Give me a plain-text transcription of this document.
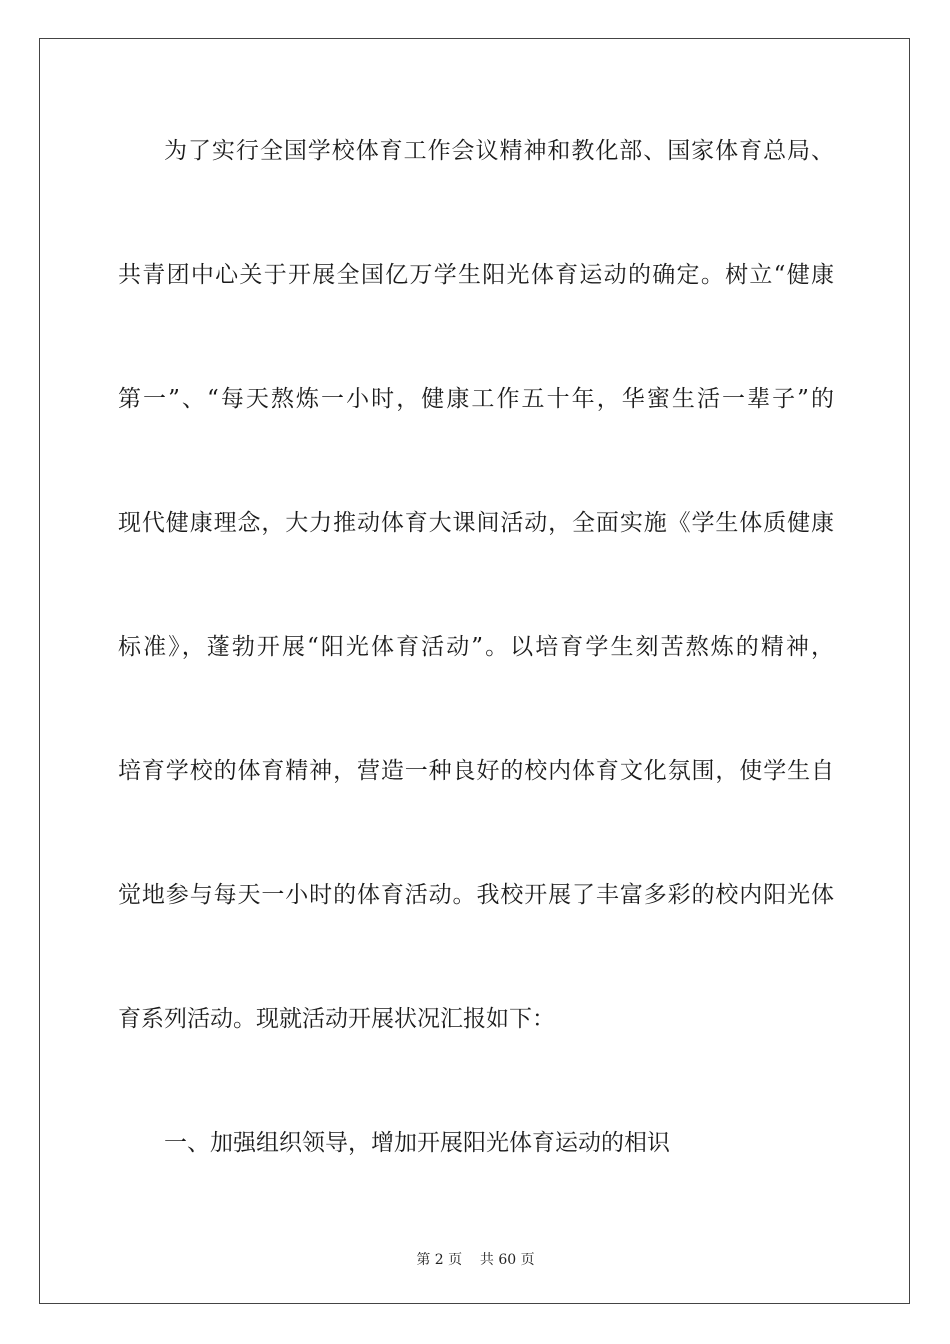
为了实行全国学校体育工作会议精神和教化部、国家体育总局、
共青团中心关于开展全国亿万学生阳光体育运动的确定。树立“健康
第一”、“每天熬炼一小时，健康工作五十年，华蜜生活一辈子”的
现代健康理念，大力推动体育大课间活动，全面实施《学生体质健康
标准》，蓬勃开展“阳光体育活动”。以培育学生刻苦熬炼的精神，
培育学校的体育精神，营造一种良好的校内体育文化氛围，使学生自
觉地参与每天一小时的体育活动。我校开展了丰富多彩的校内阳光体
育系列活动。现就活动开展状况汇报如下：
一、加强组织领导，增加开展阳光体育运动的相识
第 2 页    共 60 页
